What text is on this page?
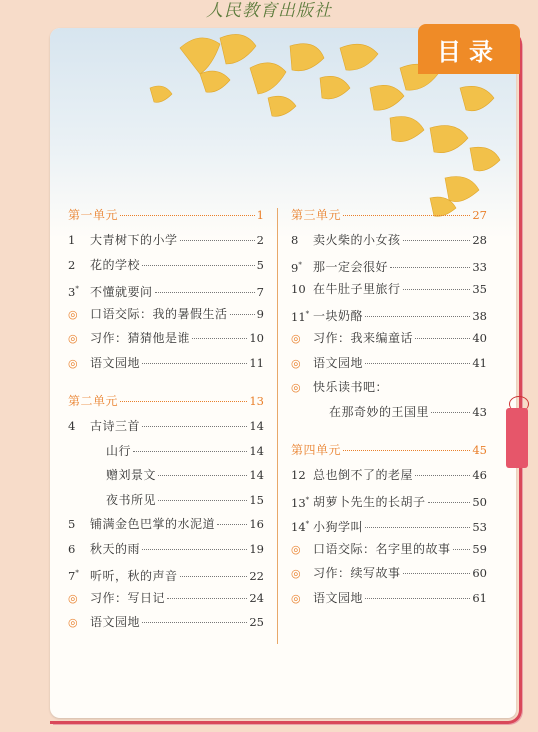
人民教育出版社
目录
第一单元	1
1	大青树下的小学	2
2	花的学校	5
3* 不懂就要问	7
◎	口语交际：我的暑假生活	9
◎	习作：猜猜他是谁	10
◎	语文园地	11
第二单元	13
4	古诗三首	14
山行	14
赠刘景文	14
夜书所见	15
5	铺满金色巴掌的水泥道	16
6	秋天的雨	19
7* 听听，秋的声音	22
◎	习作：写日记	24
◎	语文园地	25
第三单元	27
8	卖火柴的小女孩	28
9* 那一定会很好	33
10 在牛肚子里旅行	35
11* 一块奶酪	38
◎	习作：我来编童话	40
◎	语文园地	41
◎	快乐读书吧：
在那奇妙的王国里	43
第四单元	45
12 总也倒不了的老屋	46
13* 胡萝卜先生的长胡子	50
14* 小狗学叫	53
◎	口语交际：名字里的故事 59
◎	习作：续写故事	60
◎	语文园地	61
